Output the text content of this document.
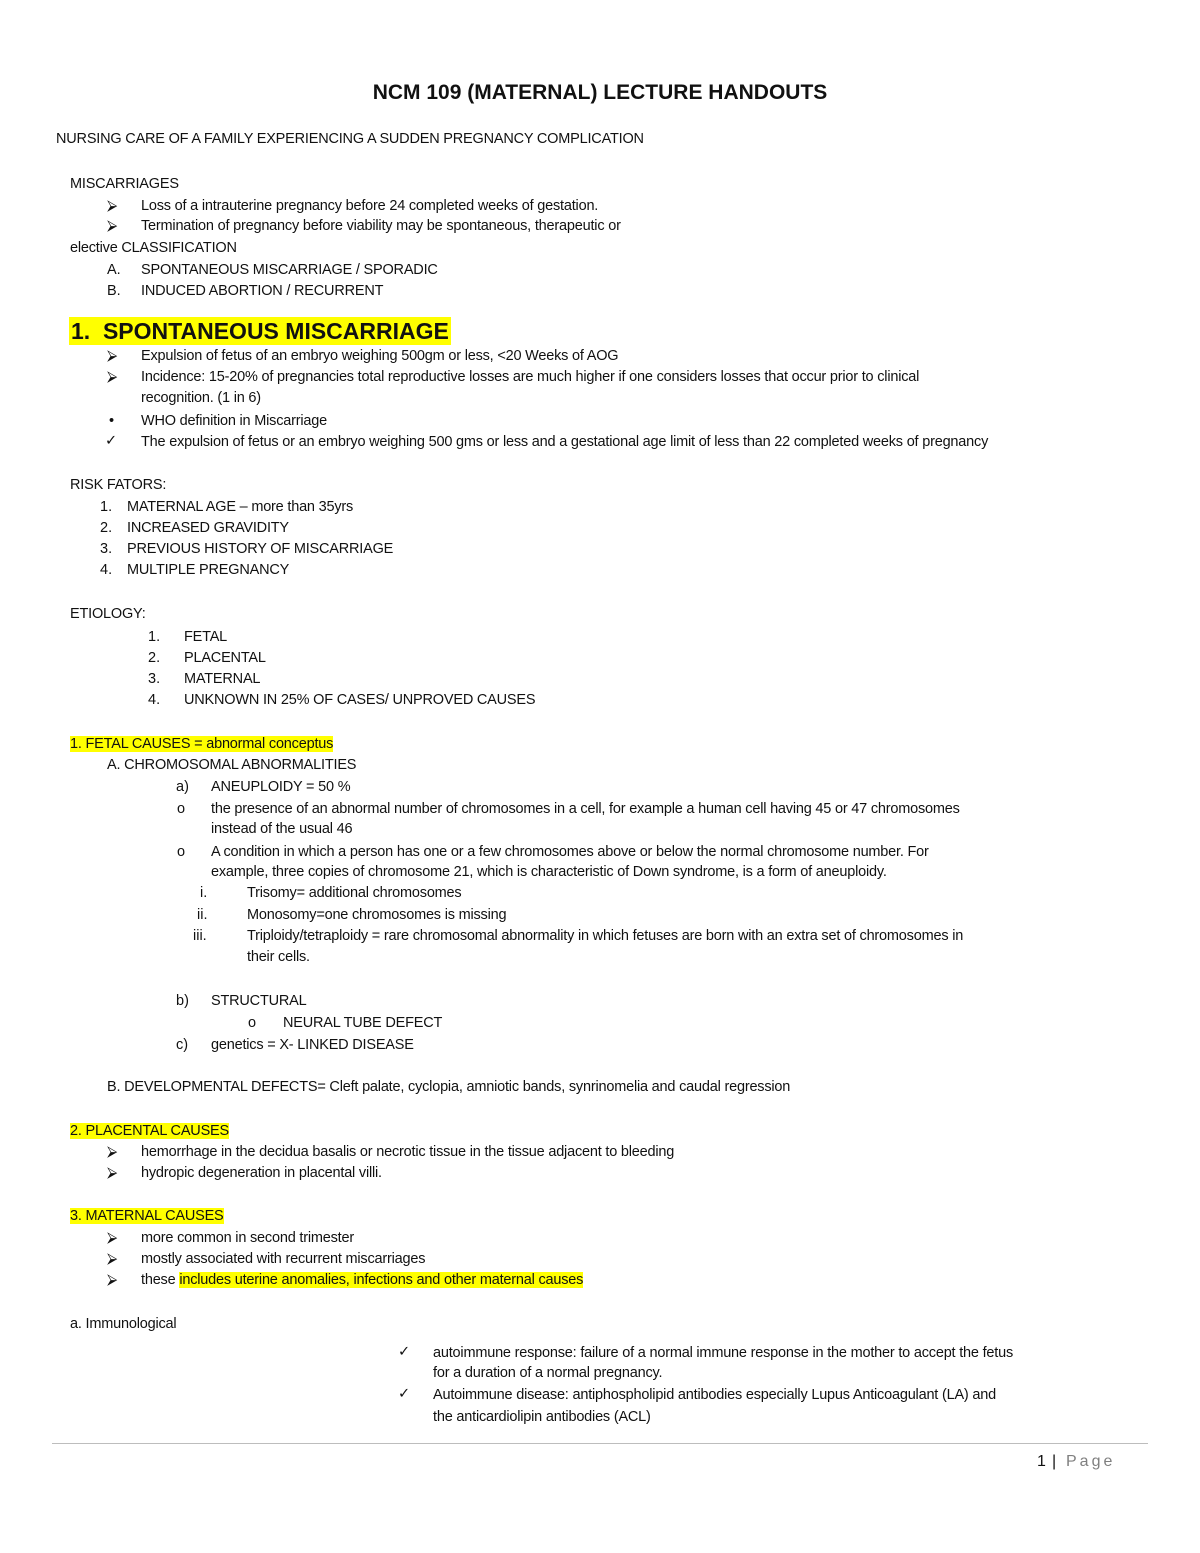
NCM 109 (MATERNAL) LECTURE HANDOUTS
NURSING CARE OF A FAMILY EXPERIENCING A SUDDEN PREGNANCY COMPLICATION
MISCARRIAGES
⮚ Loss of a intrauterine pregnancy before 24 completed weeks of gestation.
⮚ Termination of pregnancy before viability may be spontaneous, therapeutic or
elective CLASSIFICATION
A. SPONTANEOUS MISCARRIAGE / SPORADIC
B. INDUCED ABORTION / RECURRENT
1. SPONTANEOUS MISCARRIAGE
⮚ Expulsion of fetus of an embryo weighing 500gm or less, <20 Weeks of AOG
⮚ Incidence: 15-20% of pregnancies total reproductive losses are much higher if one considers losses that occur prior to clinical
recognition. (1 in 6)
• WHO definition in Miscarriage
✓ The expulsion of fetus or an embryo weighing 500 gms or less and a gestational age limit of less than 22 completed weeks of pregnancy
RISK FATORS:
1. MATERNAL AGE – more than 35yrs
2. INCREASED GRAVIDITY
3. PREVIOUS HISTORY OF MISCARRIAGE
4. MULTIPLE PREGNANCY
ETIOLOGY:
1. FETAL
2. PLACENTAL
3. MATERNAL
4. UNKNOWN IN 25% OF CASES/ UNPROVED CAUSES
1. FETAL CAUSES = abnormal conceptus
A. CHROMOSOMAL ABNORMALITIES
a) ANEUPLOIDY = 50 %
o the presence of an abnormal number of chromosomes in a cell, for example a human cell having 45 or 47 chromosomes
instead of the usual 46
o A condition in which a person has one or a few chromosomes above or below the normal chromosome number. For
example, three copies of chromosome 21, which is characteristic of Down syndrome, is a form of aneuploidy.
i.	Trisomy= additional chromosomes
ii.	Monosomy=one chromosomes is missing
iii.	Triploidy/tetraploidy = rare chromosomal abnormality in which fetuses are born with an extra set of chromosomes in
their cells.
b) STRUCTURAL
o NEURAL TUBE DEFECT
c) genetics = X- LINKED DISEASE
B. DEVELOPMENTAL DEFECTS= Cleft palate, cyclopia, amniotic bands, synrinomelia and caudal regression
2. PLACENTAL CAUSES
⮚ hemorrhage in the decidua basalis or necrotic tissue in the tissue adjacent to bleeding
⮚ hydropic degeneration in placental villi.
3. MATERNAL CAUSES
⮚ more common in second trimester
⮚ mostly associated with recurrent miscarriages
⮚ these includes uterine anomalies, infections and other maternal causes
a. Immunological
✓ autoimmune response: failure of a normal immune response in the mother to accept the fetus
for a duration of a normal pregnancy.
✓ Autoimmune disease: antiphospholipid antibodies especially Lupus Anticoagulant (LA) and
the anticardiolipin antibodies (ACL)
1 | Page
